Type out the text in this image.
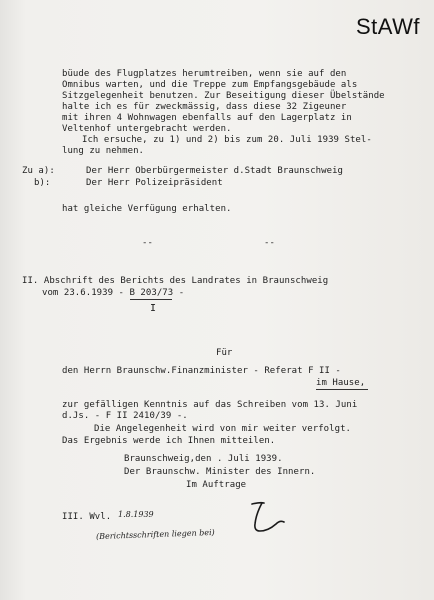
StAWf
büude des Flugplatzes herumtreiben, wenn sie auf den
Omnibus warten, und die Treppe zum Empfangsgebäude als
Sitzgelegenheit benutzen. Zur Beseitigung dieser Übelstände
halte ich es für zweckmässig, dass diese 32 Zigeuner
mit ihren 4 Wohnwagen ebenfalls auf den Lagerplatz in
Veltenhof untergebracht werden.
Ich ersuche, zu 1) und 2) bis zum 20. Juli 1939 Stel-
lung zu nehmen.
Zu a):	Der Herr Oberbürgermeister d.Stadt Braunschweig
b):	Der Herr Polizeipräsident
hat gleiche Verfügung erhalten.
--	--
II. Abschrift des Berichts des Landrates in Braunschweig
vom 23.6.1939 - B 203/73 -
I
Für
den Herrn Braunschw.Finanzminister - Referat F II -
im Hause,
zur gefälligen Kenntnis auf das Schreiben vom 13. Juni
d.Js. - F II 2410/39 -.
Die Angelegenheit wird von mir weiter verfolgt.
Das Ergebnis werde ich Ihnen mitteilen.
Braunschweig,den . Juli 1939.
Der Braunschw. Minister des Innern.
Im Auftrage
III. Wvl. 1.8.1939
(Berichtsschriften liegen bei)
